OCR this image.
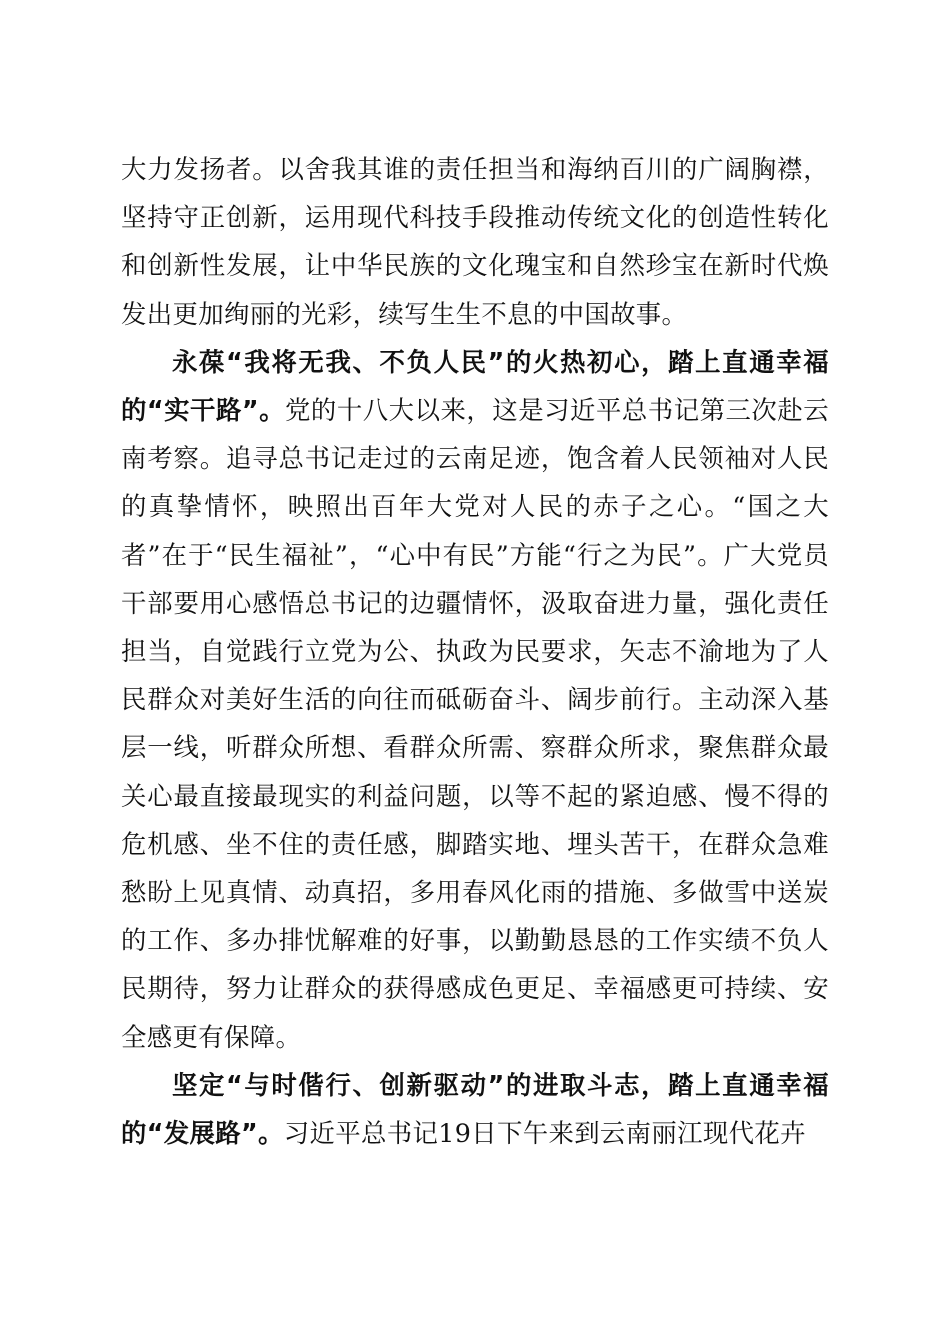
大力发扬者。以舍我其谁的责任担当和海纳百川的广阔胸襟，坚持守正创新，运用现代科技手段推动传统文化的创造性转化和创新性发展，让中华民族的文化瑰宝和自然珍宝在新时代焕发出更加绚丽的光彩，续写生生不息的中国故事。

永葆“我将无我、不负人民”的火热初心，踏上直通幸福的“实干路”。党的十八大以来，这是习近平总书记第三次赴云南考察。追寻总书记走过的云南足迹，饱含着人民领袖对人民的真挚情怀，映照出百年大党对人民的赤子之心。“国之大者”在于“民生福祉”，“心中有民”方能“行之为民”。广大党员干部要用心感悟总书记的边疆情怀，汲取奋进力量，强化责任担当，自觉践行立党为公、执政为民要求，矢志不渝地为了人民群众对美好生活的向往而砥砺奋斗、阔步前行。主动深入基层一线，听群众所想、看群众所需、察群众所求，聚焦群众最关心最直接最现实的利益问题，以等不起的紧迫感、慢不得的危机感、坐不住的责任感，脚踏实地、埋头苦干，在群众急难愁盼上见真情、动真招，多用春风化雨的措施、多做雪中送炭的工作、多办排忧解难的好事，以勤勤恳恳的工作实绩不负人民期待，努力让群众的获得感成色更足、幸福感更可持续、安全感更有保障。

坚定“与时偕行、创新驱动”的进取斗志，踏上直通幸福的“发展路”。习近平总书记19日下午来到云南丽江现代花卉
